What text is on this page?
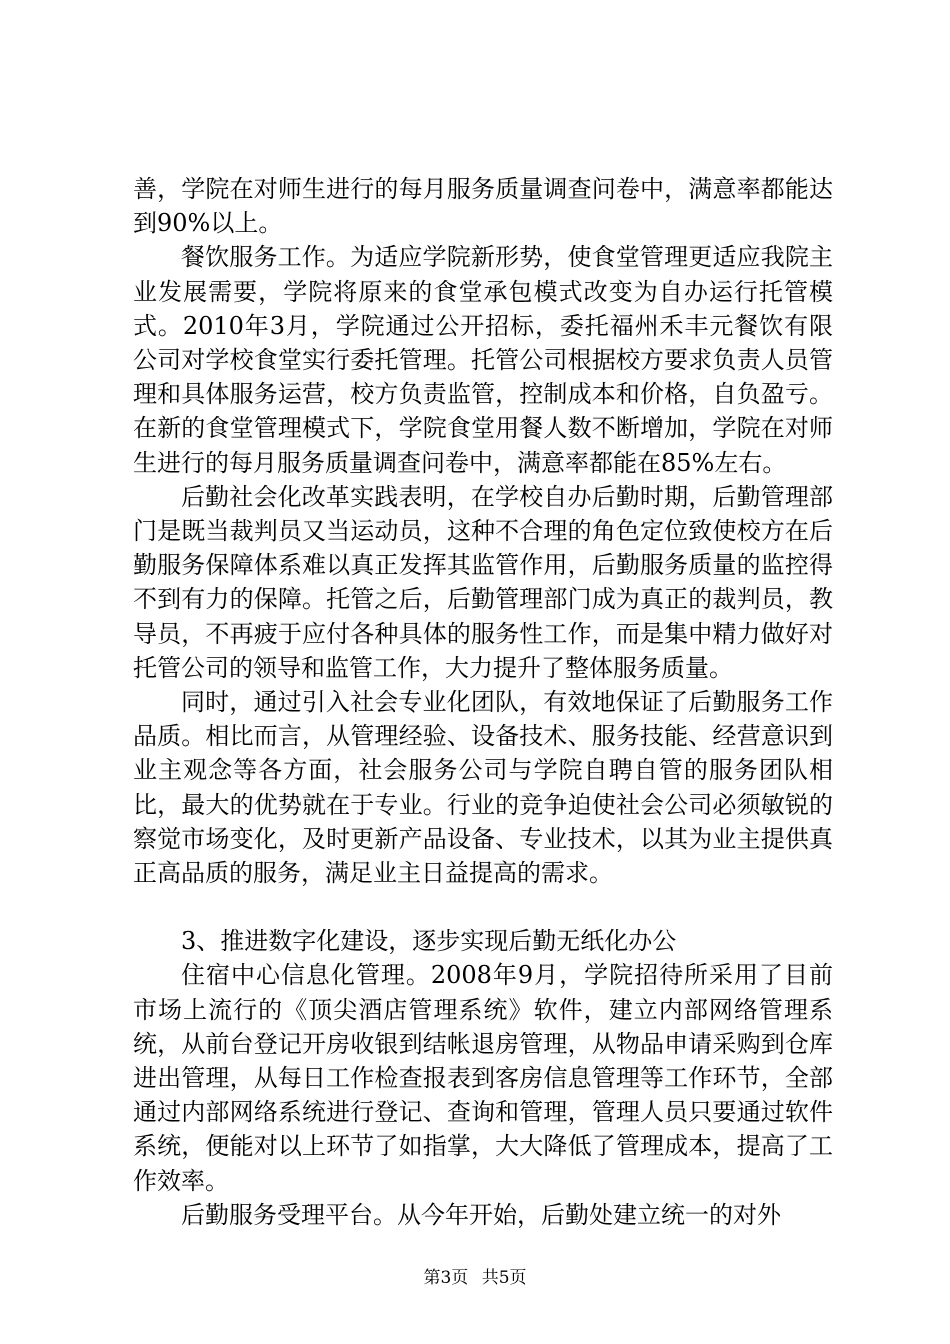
善，学院在对师生进行的每月服务质量调查问卷中，满意率都能达到90%以上。

餐饮服务工作。为适应学院新形势，使食堂管理更适应我院主业发展需要，学院将原来的食堂承包模式改变为自办运行托管模式。2010年3月，学院通过公开招标，委托福州禾丰元餐饮有限公司对学校食堂实行委托管理。托管公司根据校方要求负责人员管理和具体服务运营，校方负责监管，控制成本和价格，自负盈亏。在新的食堂管理模式下，学院食堂用餐人数不断增加，学院在对师生进行的每月服务质量调查问卷中，满意率都能在85%左右。

后勤社会化改革实践表明，在学校自办后勤时期，后勤管理部门是既当裁判员又当运动员，这种不合理的角色定位致使校方在后勤服务保障体系难以真正发挥其监管作用，后勤服务质量的监控得不到有力的保障。托管之后，后勤管理部门成为真正的裁判员，教导员，不再疲于应付各种具体的服务性工作，而是集中精力做好对托管公司的领导和监管工作，大力提升了整体服务质量。

同时，通过引入社会专业化团队，有效地保证了后勤服务工作品质。相比而言，从管理经验、设备技术、服务技能、经营意识到业主观念等各方面，社会服务公司与学院自聘自管的服务团队相比，最大的优势就在于专业。行业的竞争迫使社会公司必须敏锐的察觉市场变化，及时更新产品设备、专业技术，以其为业主提供真正高品质的服务，满足业主日益提高的需求。

3、推进数字化建设，逐步实现后勤无纸化办公

住宿中心信息化管理。2008年9月，学院招待所采用了目前市场上流行的《顶尖酒店管理系统》软件，建立内部网络管理系统，从前台登记开房收银到结帐退房管理，从物品申请采购到仓库进出管理，从每日工作检查报表到客房信息管理等工作环节，全部通过内部网络系统进行登记、查询和管理，管理人员只要通过软件系统，便能对以上环节了如指掌，大大降低了管理成本，提高了工作效率。

后勤服务受理平台。从今年开始，后勤处建立统一的对外

第3页 共5页
